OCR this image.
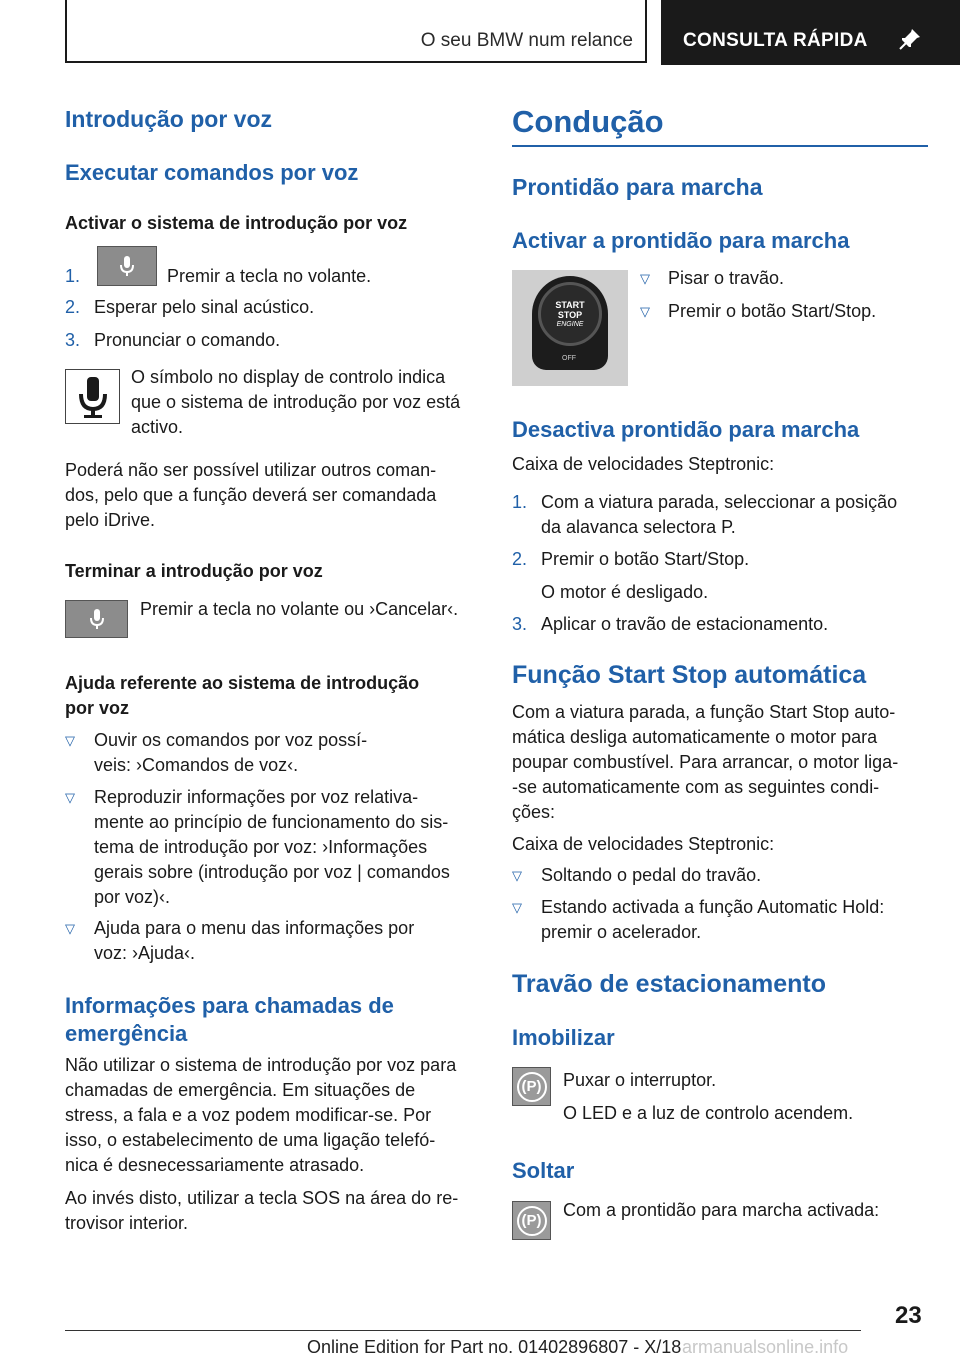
O seu BMW num relance	CONSULTA RÁPIDA
Introdução por voz
Executar comandos por voz
Activar o sistema de introdução por voz
1.	Premir a tecla no volante.
2. Esperar pelo sinal acústico.
3. Pronunciar o comando.
O símbolo no display de controlo indica
que o sistema de introdução por voz está
activo.
Poderá não ser possível utilizar outros coman-
dos, pelo que a função deverá ser comandada
pelo iDrive.
Terminar a introdução por voz
Premir a tecla no volante ou ›Cancelar‹.
Ajuda referente ao sistema de introdução
por voz
▽ Ouvir os comandos por voz possí-
veis: ›Comandos de voz‹.
▽ Reproduzir informações por voz relativa-
mente ao princípio de funcionamento do sis-
tema de introdução por voz: ›Informações
gerais sobre (introdução por voz | comandos
por voz)‹.
▽ Ajuda para o menu das informações por
voz: ›Ajuda‹.
Informações para chamadas de
emergência
Não utilizar o sistema de introdução por voz para
chamadas de emergência. Em situações de
stress, a fala e a voz podem modificar-se. Por
isso, o estabelecimento de uma ligação telefó-
nica é desnecessariamente atrasado.
Ao invés disto, utilizar a tecla SOS na área do re-
trovisor interior.
Condução
Prontidão para marcha
Activar a prontidão para marcha
START
STOP
ENGINE
OFF
▽ Pisar o travão.
▽ Premir o botão Start/Stop.
Desactiva prontidão para marcha
Caixa de velocidades Steptronic:
1. Com a viatura parada, seleccionar a posição
da alavanca selectora P.
2. Premir o botão Start/Stop.
O motor é desligado.
3. Aplicar o travão de estacionamento.
Função Start Stop automática
Com a viatura parada, a função Start Stop auto-
mática desliga automaticamente o motor para
poupar combustível. Para arrancar, o motor liga-
-se automaticamente com as seguintes condi-
ções:
Caixa de velocidades Steptronic:
▽ Soltando o pedal do travão.
▽ Estando activada a função Automatic Hold:
premir o acelerador.
Travão de estacionamento
Imobilizar
(P) Puxar o interruptor.
O LED e a luz de controlo acendem.
Soltar
(P)
Com a prontidão para marcha activada:
23
Online Edition for Part no. 01402896807 - X/18 armanualsonline.info
